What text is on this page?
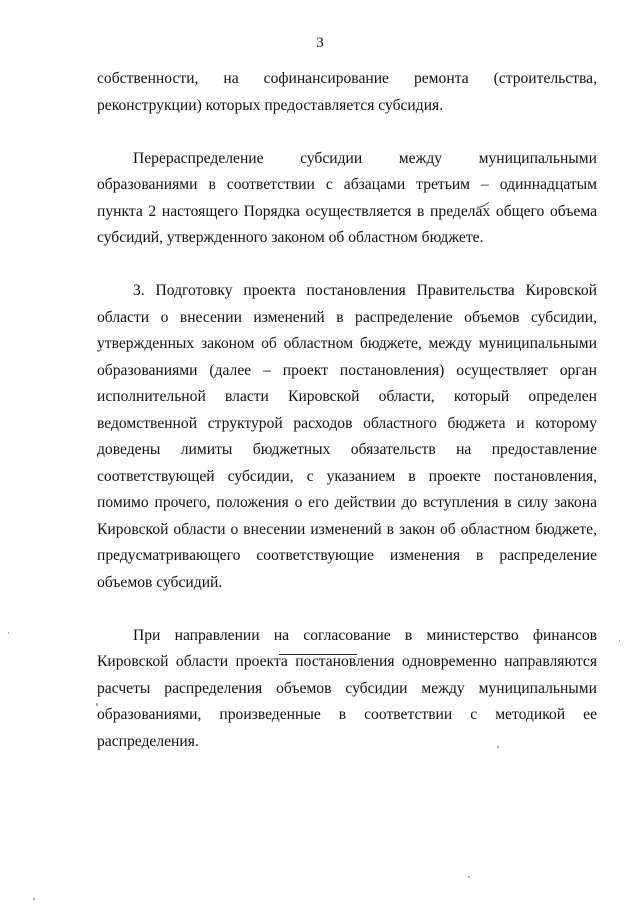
3

собственности, на софинансирование ремонта (строительства, реконструкции) которых предоставляется субсидия.

Перераспределение субсидии между муниципальными образованиями в соответствии с абзацами третьим – одиннадцатым пункта 2 настоящего Порядка осуществляется в пределах общего объема субсидий, утвержденного законом об областном бюджете.

3. Подготовку проекта постановления Правительства Кировской области о внесении изменений в распределение объемов субсидии, утвержденных законом об областном бюджете, между муниципальными образованиями (далее – проект постановления) осуществляет орган исполнительной власти Кировской области, который определен ведомственной структурой расходов областного бюджета и которому доведены лимиты бюджетных обязательств на предоставление соответствующей субсидии, с указанием в проекте постановления, помимо прочего, положения о его действии до вступления в силу закона Кировской области о внесении изменений в закон об областном бюджете, предусматривающего соответствующие изменения в распределение объемов субсидий.

При направлении на согласование в министерство финансов Кировской области проекта постановления одновременно направляются расчеты распределения объемов субсидии между муниципальными образованиями, произведенные в соответствии с методикой ее распределения.
